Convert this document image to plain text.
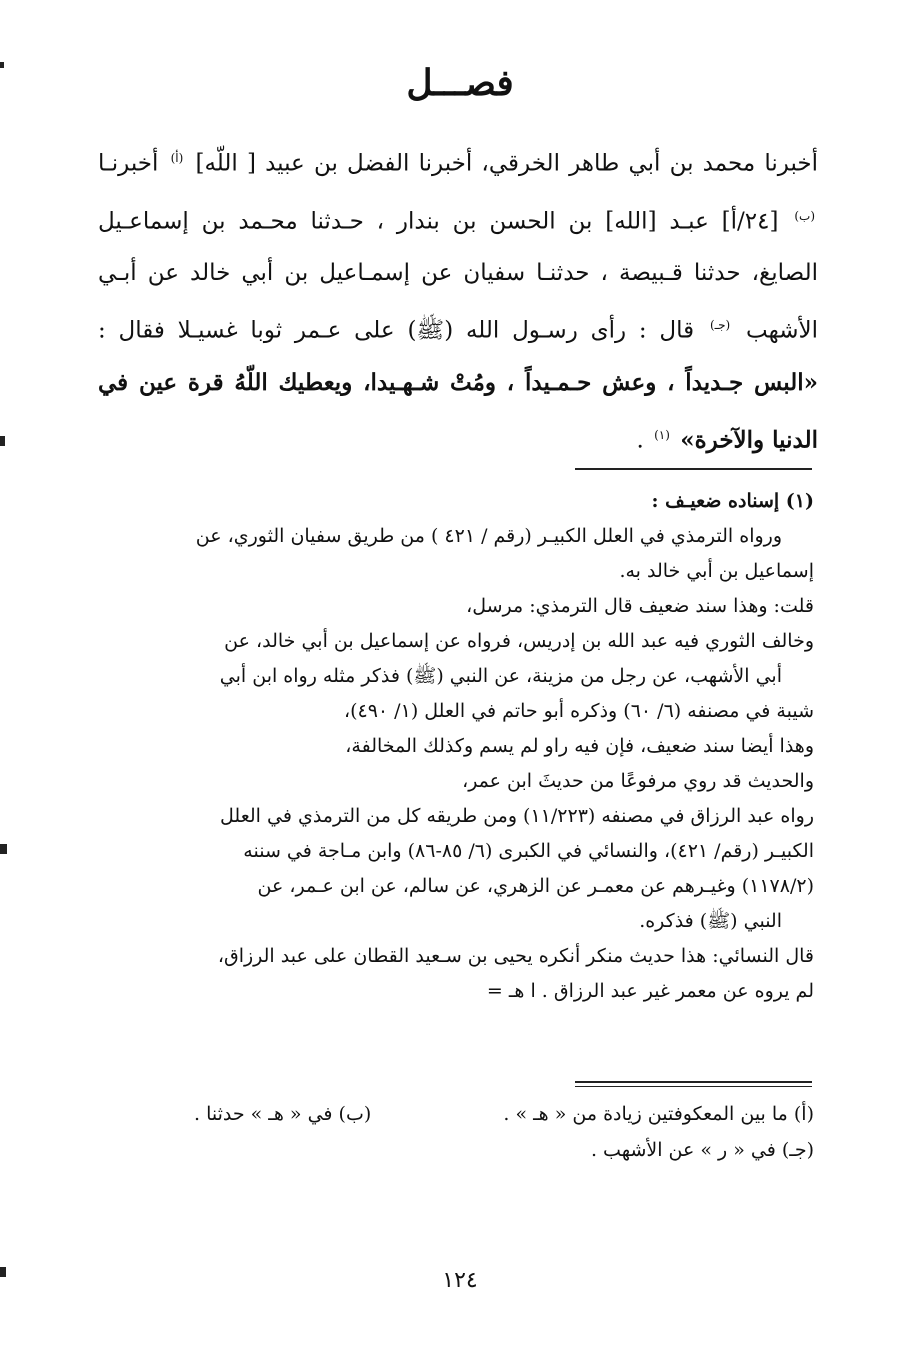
فصـــل

أخبرنا محمد بن أبي طاهر الخرقي، أخبرنا الفضل بن عبيد [ اللّه] $^{(أ)}$ أخبرنـا $^{(ب)}$ [٢٤/أ] عبـد [الله] بن الحسن بن بندار ، حـدثنا محـمد بن إسماعـيل الصايغ، حدثنا قـبيصة ، حدثنـا سفيان عن إسمـاعيل بن أبي خالد عن أبـي الأشهب $^{(جـ)}$ قال : رأى رسـول الله (ﷺ) على عـمر ثوبا غسيـلا فقال : «البس جـديداً ، وعش حـمـيداً ، ومُتْ شـهـيدا، ويعطيك اللّهُ قرة عين في الدنيا والآخرة» $^{(١)}$ .

(١) إسناده ضعيـف :

ورواه الترمذي في العلل الكبيـر (رقم / ٤٢١ ) من طريق سفيان الثوري، عن

إسماعيل بن أبي خالد به.

قلت: وهذا سند ضعيف قال الترمذي: مرسل،

وخالف الثوري فيه عبد الله بن إدريس، فرواه عن إسماعيل بن أبي خالد، عن

أبي الأشهب، عن رجل من مزينة، عن النبي (ﷺ) فذكر مثله رواه ابن أبي

شيبة في مصنفه (٦/ ٦٠) وذكره أبو حاتم في العلل (١/ ٤٩٠)،

وهذا أيضا سند ضعيف، فإن فيه راو لم يسم وكذلك المخالفة،

والحديث قد روي مرفوعًا من حديثَ ابن عمر،

رواه عبد الرزاق في مصنفه (١١/٢٢٣) ومن طريقه كل من الترمذي في العلل

الكبيـر (رقم/ ٤٢١)، والنسائي في الكبرى (٦/ ٨٥-٨٦) وابن مـاجة في سننه

(١١٧٨/٢) وغيـرهم عن معمـر عن الزهري، عن سالم، عن ابن عـمر، عن

النبي (ﷺ) فذكره.

قال النسائي: هذا حديث منكر أنكره يحيى بن سـعيد القطان على عبد الرزاق،

لم يروه عن معمر غير عبد الرزاق . ا هـ =

(أ) ما بين المعكوفتين زيادة من « هـ » .  (ب) في « هـ » حدثنا .

(جـ) في « ر » عن الأشهب .

١٢٤
